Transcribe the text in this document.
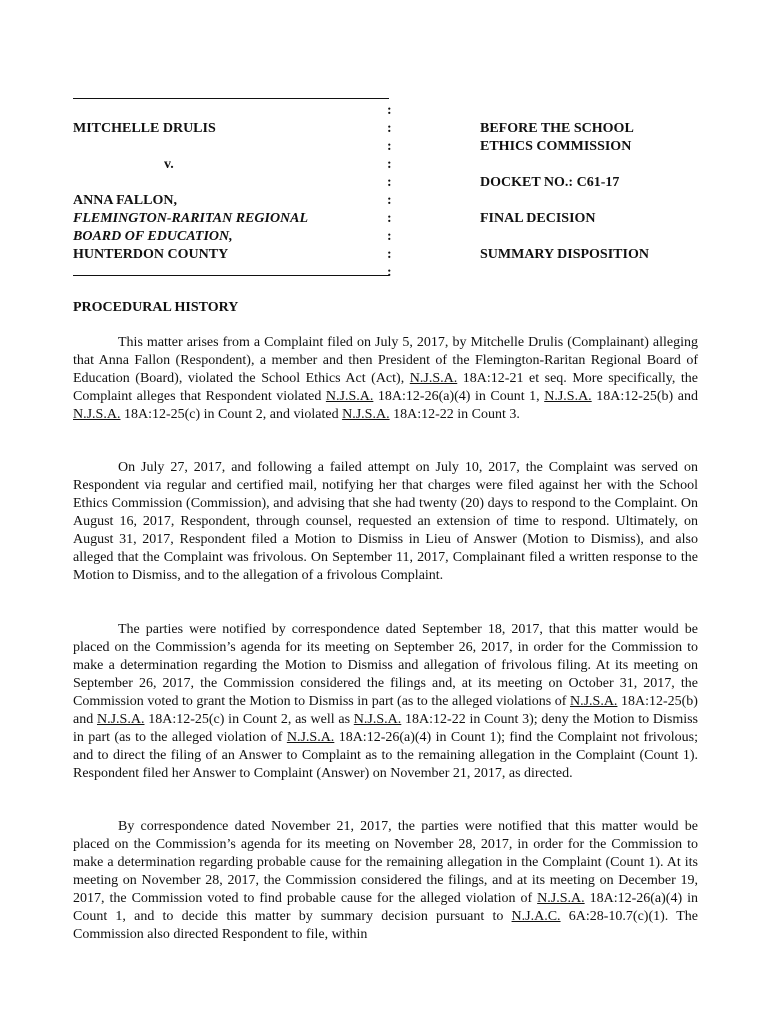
MITCHELLE DRULIS
v.
ANNA FALLON,
FLEMINGTON-RARITAN REGIONAL
BOARD OF EDUCATION,
HUNTERDON COUNTY
:
:
:
:
:
:
:
:
:
:
BEFORE THE SCHOOL
ETHICS COMMISSION
DOCKET NO.: C61-17
FINAL DECISION
SUMMARY DISPOSITION
PROCEDURAL HISTORY

This matter arises from a Complaint filed on July 5, 2017, by Mitchelle Drulis (Complainant) alleging that Anna Fallon (Respondent), a member and then President of the Flemington-Raritan Regional Board of Education (Board), violated the School Ethics Act (Act), N.J.S.A. 18A:12-21 et seq. More specifically, the Complaint alleges that Respondent violated N.J.S.A. 18A:12-26(a)(4) in Count 1, N.J.S.A. 18A:12-25(b) and N.J.S.A. 18A:12-25(c) in Count 2, and violated N.J.S.A. 18A:12-22 in Count 3.

On July 27, 2017, and following a failed attempt on July 10, 2017, the Complaint was served on Respondent via regular and certified mail, notifying her that charges were filed against her with the School Ethics Commission (Commission), and advising that she had twenty (20) days to respond to the Complaint. On August 16, 2017, Respondent, through counsel, requested an extension of time to respond. Ultimately, on August 31, 2017, Respondent filed a Motion to Dismiss in Lieu of Answer (Motion to Dismiss), and also alleged that the Complaint was frivolous. On September 11, 2017, Complainant filed a written response to the Motion to Dismiss, and to the allegation of a frivolous Complaint.

The parties were notified by correspondence dated September 18, 2017, that this matter would be placed on the Commission’s agenda for its meeting on September 26, 2017, in order for the Commission to make a determination regarding the Motion to Dismiss and allegation of frivolous filing. At its meeting on September 26, 2017, the Commission considered the filings and, at its meeting on October 31, 2017, the Commission voted to grant the Motion to Dismiss in part (as to the alleged violations of N.J.S.A. 18A:12-25(b) and N.J.S.A. 18A:12-25(c) in Count 2, as well as N.J.S.A. 18A:12-22 in Count 3); deny the Motion to Dismiss in part (as to the alleged violation of N.J.S.A. 18A:12-26(a)(4) in Count 1); find the Complaint not frivolous; and to direct the filing of an Answer to Complaint as to the remaining allegation in the Complaint (Count 1). Respondent filed her Answer to Complaint (Answer) on November 21, 2017, as directed.

By correspondence dated November 21, 2017, the parties were notified that this matter would be placed on the Commission’s agenda for its meeting on November 28, 2017, in order for the Commission to make a determination regarding probable cause for the remaining allegation in the Complaint (Count 1). At its meeting on November 28, 2017, the Commission considered the filings, and at its meeting on December 19, 2017, the Commission voted to find probable cause for the alleged violation of N.J.S.A. 18A:12-26(a)(4) in Count 1, and to decide this matter by summary decision pursuant to N.J.A.C. 6A:28-10.7(c)(1). The Commission also directed Respondent to file, within
